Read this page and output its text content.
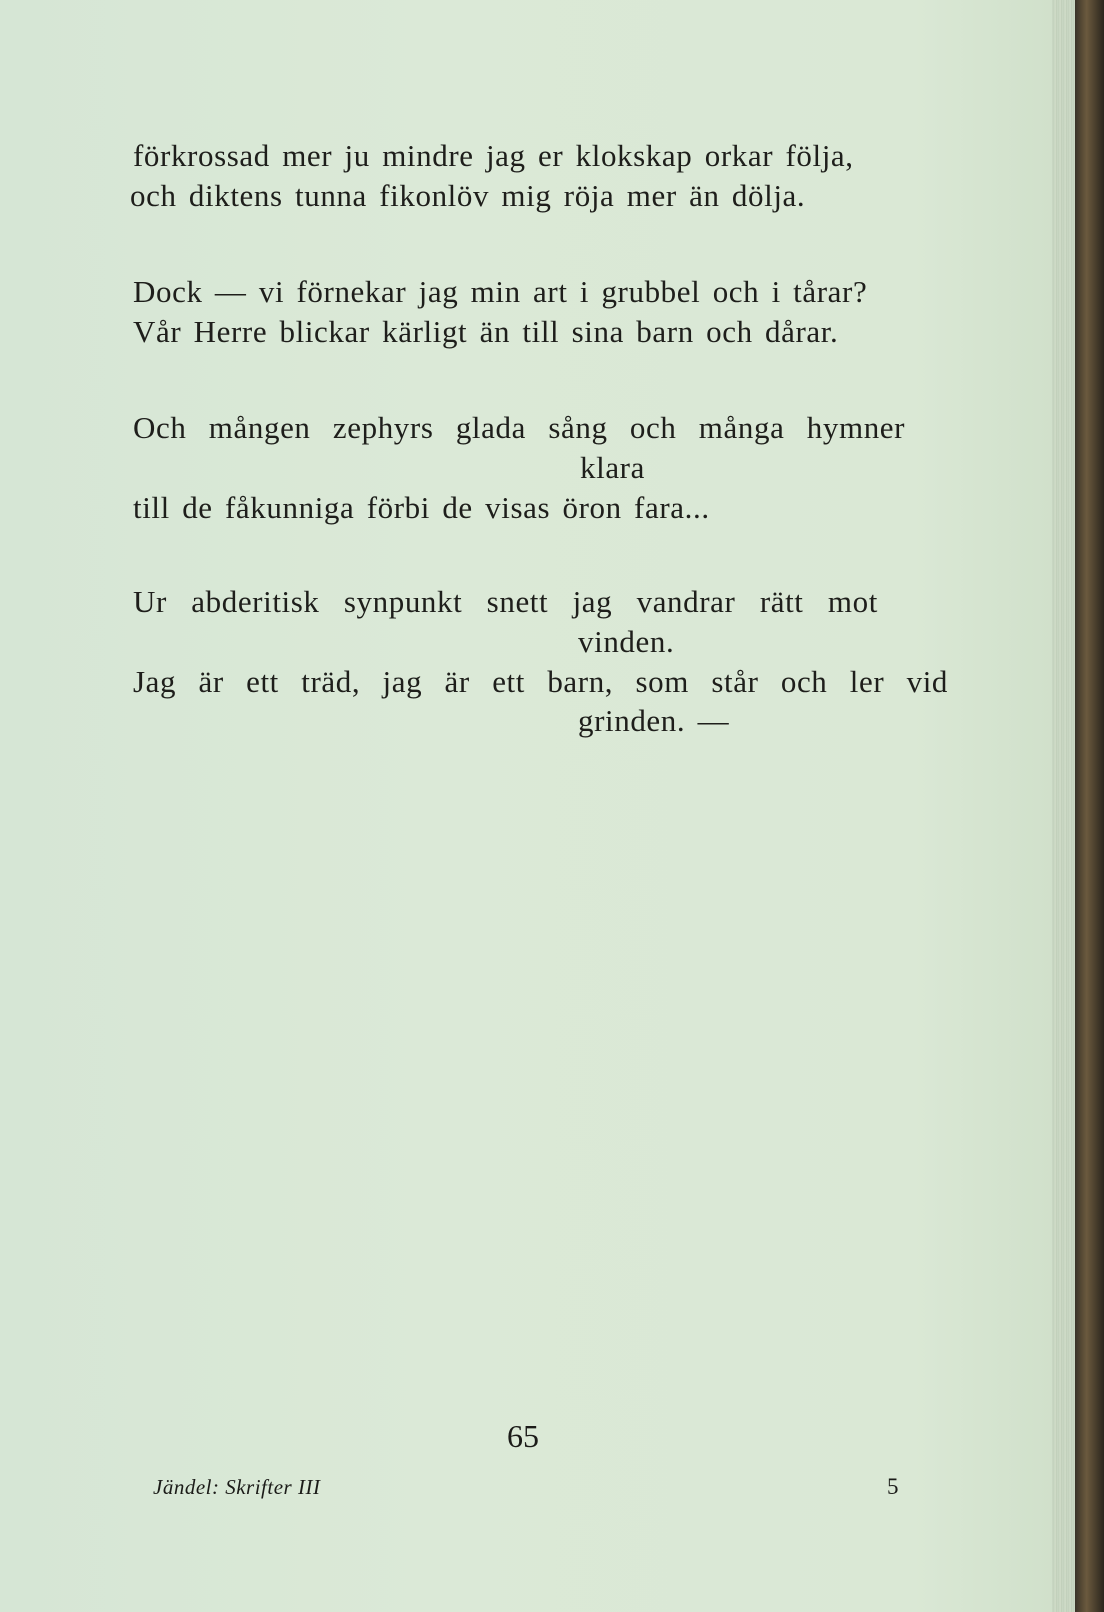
förkrossad mer ju mindre jag er klokskap orkar följa,
och diktens tunna fikonlöv mig röja mer än dölja.
Dock — vi förnekar jag min art i grubbel och i tårar?
Vår Herre blickar kärligt än till sina barn och dårar.
Och mången zephyrs glada sång och många hymner
klara
till de fåkunniga förbi de visas öron fara...
Ur abderitisk synpunkt snett jag vandrar rätt mot
vinden.
Jag är ett träd, jag är ett barn, som står och ler vid
grinden. —
65
Jändel: Skrifter III	5
